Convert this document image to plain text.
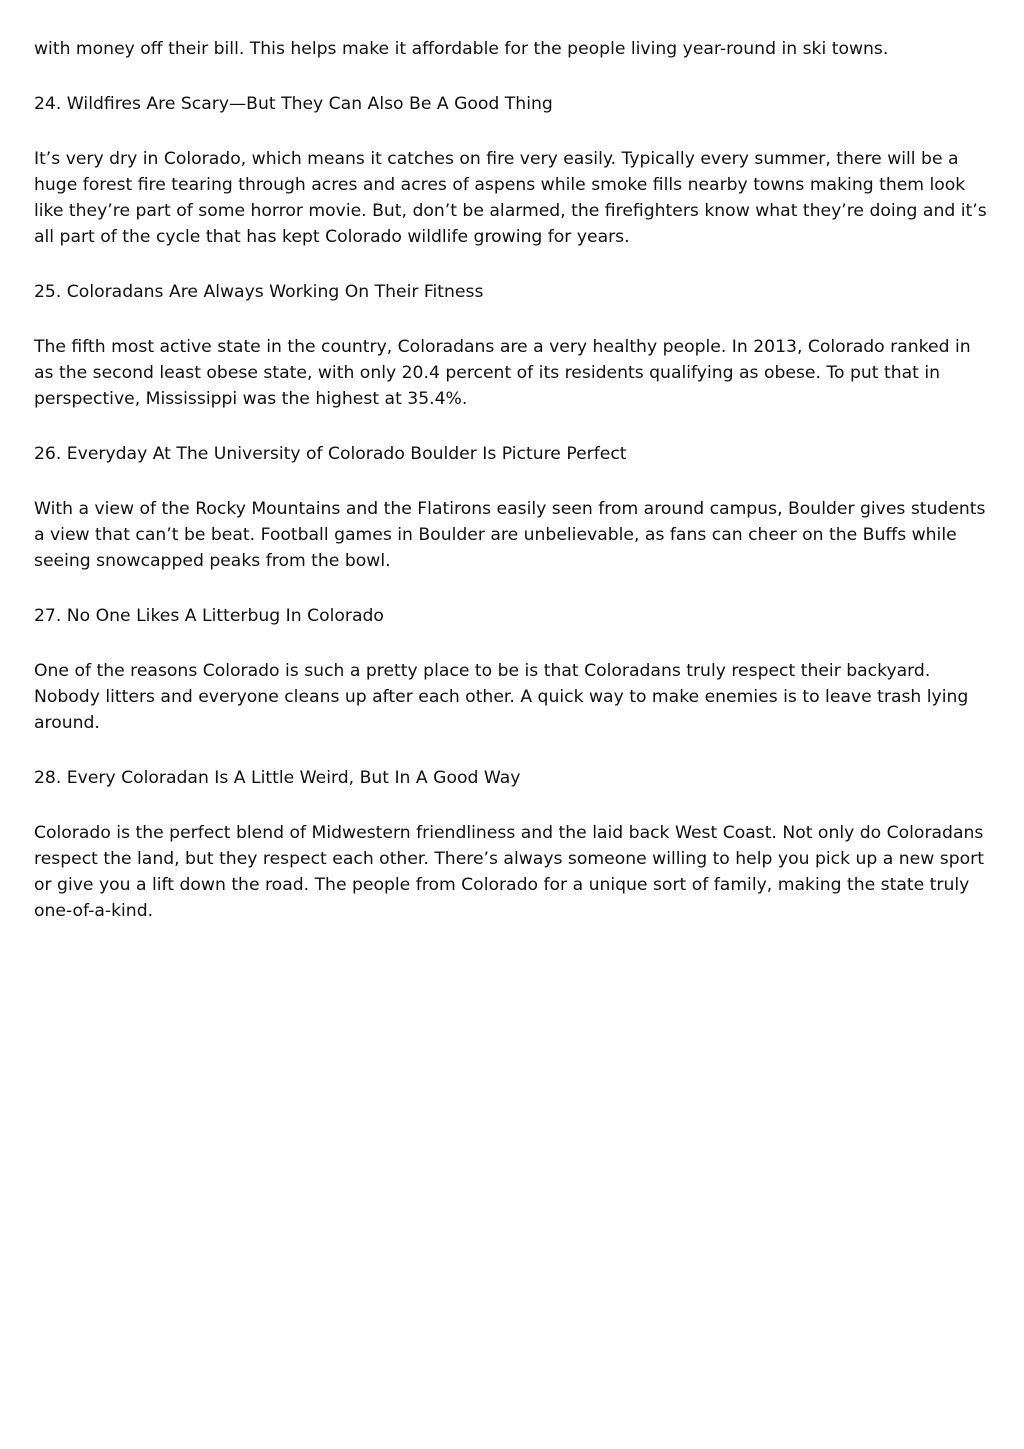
with money off their bill. This helps make it affordable for the people living year-round in ski towns.

24. Wildfires Are Scary—But They Can Also Be A Good Thing

It’s very dry in Colorado, which means it catches on fire very easily. Typically every summer, there will be a huge forest fire tearing through acres and acres of aspens while smoke fills nearby towns making them look like they’re part of some horror movie. But, don’t be alarmed, the firefighters know what they’re doing and it’s all part of the cycle that has kept Colorado wildlife growing for years.

25. Coloradans Are Always Working On Their Fitness

The fifth most active state in the country, Coloradans are a very healthy people. In 2013, Colorado ranked in as the second least obese state, with only 20.4 percent of its residents qualifying as obese. To put that in perspective, Mississippi was the highest at 35.4%.

26. Everyday At The University of Colorado Boulder Is Picture Perfect

With a view of the Rocky Mountains and the Flatirons easily seen from around campus, Boulder gives students a view that can’t be beat. Football games in Boulder are unbelievable, as fans can cheer on the Buffs while seeing snowcapped peaks from the bowl.

27. No One Likes A Litterbug In Colorado

One of the reasons Colorado is such a pretty place to be is that Coloradans truly respect their backyard. Nobody litters and everyone cleans up after each other. A quick way to make enemies is to leave trash lying around.

28. Every Coloradan Is A Little Weird, But In A Good Way

Colorado is the perfect blend of Midwestern friendliness and the laid back West Coast. Not only do Coloradans respect the land, but they respect each other. There’s always someone willing to help you pick up a new sport or give you a lift down the road. The people from Colorado for a unique sort of family, making the state truly one-of-a-kind.
